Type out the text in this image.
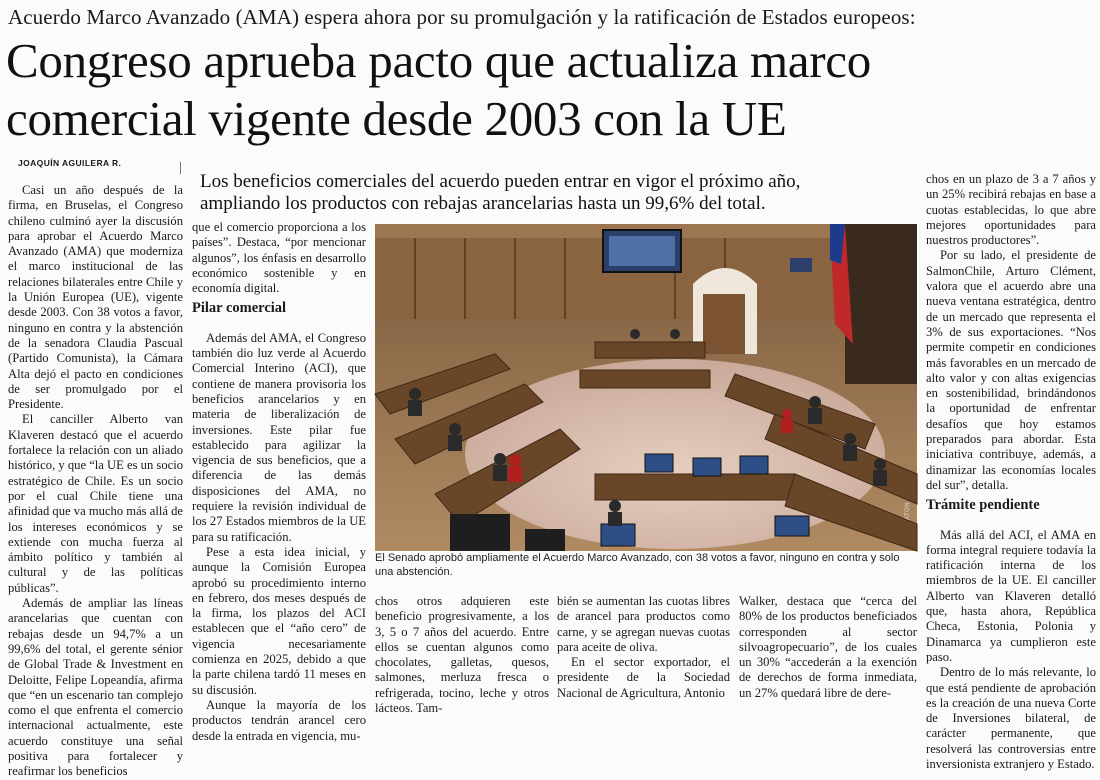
Acuerdo Marco Avanzado (AMA) espera ahora por su promulgación y la ratificación de Estados europeos:
Congreso aprueba pacto que actualiza marco
comercial vigente desde 2003 con la UE
JOAQUÍN AGUILERA R.
Los beneficios comerciales del acuerdo pueden entrar en vigor el próximo año,
ampliando los productos con rebajas arancelarias hasta un 99,6% del total.

Casi un año después de la firma, en Bruselas, el Congreso chileno culminó ayer la discusión para aprobar el Acuerdo Marco Avanzado (AMA) que moderniza el marco institucional de las relaciones bilaterales entre Chile y la Unión Europea (UE), vigente desde 2003. Con 38 votos a favor, ninguno en contra y la abstención de la senadora Claudia Pascual (Partido Comunista), la Cámara Alta dejó el pacto en condiciones de ser promulgado por el Presidente.

El canciller Alberto van Klaveren destacó que el acuerdo fortalece la relación con un aliado histórico, y que “la UE es un socio estratégico de Chile. Es un socio por el cual Chile tiene una afinidad que va mucho más allá de los intereses económicos y se extiende con mucha fuerza al ámbito político y también al cultural y de las políticas públicas”.

Además de ampliar las líneas arancelarias que cuentan con rebajas desde un 94,7% a un 99,6% del total, el gerente sénior de Global Trade & Investment en Deloitte, Felipe Lopeandía, afirma que “en un escenario tan complejo como el que enfrenta el comercio internacional actualmente, este acuerdo constituye una señal positiva para fortalecer y reafirmar los beneficios

que el comercio proporciona a los países”. Destaca, “por mencionar algunos”, los énfasis en desarrollo económico sostenible y en economía digital.

Pilar comercial

Además del AMA, el Congreso también dio luz verde al Acuerdo Comercial Interino (ACI), que contiene de manera provisoria los beneficios arancelarios y en materia de liberalización de inversiones. Este pilar fue establecido para agilizar la vigencia de sus beneficios, que a diferencia de las demás disposiciones del AMA, no requiere la revisión individual de los 27 Estados miembros de la UE para su ratificación.

Pese a esta idea inicial, y aunque la Comisión Europea aprobó su procedimiento interno en febrero, dos meses después de la firma, los plazos del ACI establecen que el “año cero” de vigencia necesariamente comienza en 2025, debido a que la parte chilena tardó 11 meses en su discusión.

Aunque la mayoría de los productos tendrán arancel cero desde la entrada en vigencia, mu-

ATON
El Senado aprobó ampliamente el Acuerdo Marco Avanzado, con 38 votos a favor, ninguno en contra y solo una abstención.

chos otros adquieren este beneficio progresivamente, a los 3, 5 o 7 años del acuerdo. Entre ellos se cuentan algunos como chocolates, galletas, quesos, salmones, merluza fresca o refrigerada, tocino, leche y otros lácteos. Tam-

bién se aumentan las cuotas libres de arancel para productos como carne, y se agregan nuevas cuotas para aceite de oliva.

En el sector exportador, el presidente de la Sociedad Nacional de Agricultura, Antonio

Walker, destaca que “cerca del 80% de los productos beneficiados corresponden al sector silvoagropecuario”, de los cuales un 30% “accederán a la exención de derechos de forma inmediata, un 27% quedará libre de dere-

chos en un plazo de 3 a 7 años y un 25% recibirá rebajas en base a cuotas establecidas, lo que abre mejores oportunidades para nuestros productores”.

Por su lado, el presidente de SalmonChile, Arturo Clément, valora que el acuerdo abre una nueva ventana estratégica, dentro de un mercado que representa el 3% de sus exportaciones. “Nos permite competir en condiciones más favorables en un mercado de alto valor y con altas exigencias en sostenibilidad, brindándonos la oportunidad de enfrentar desafíos que hoy estamos preparados para abordar. Esta iniciativa contribuye, además, a dinamizar las economías locales del sur”, detalla.

Trámite pendiente

Más allá del ACI, el AMA en forma integral requiere todavía la ratificación interna de los miembros de la UE. El canciller Alberto van Klaveren detalló que, hasta ahora, República Checa, Estonia, Polonia y Dinamarca ya cumplieron este paso.

Dentro de lo más relevante, lo que está pendiente de aprobación es la creación de una nueva Corte de Inversiones bilateral, de carácter permanente, que resolverá las controversias entre inversionista extranjero y Estado.
